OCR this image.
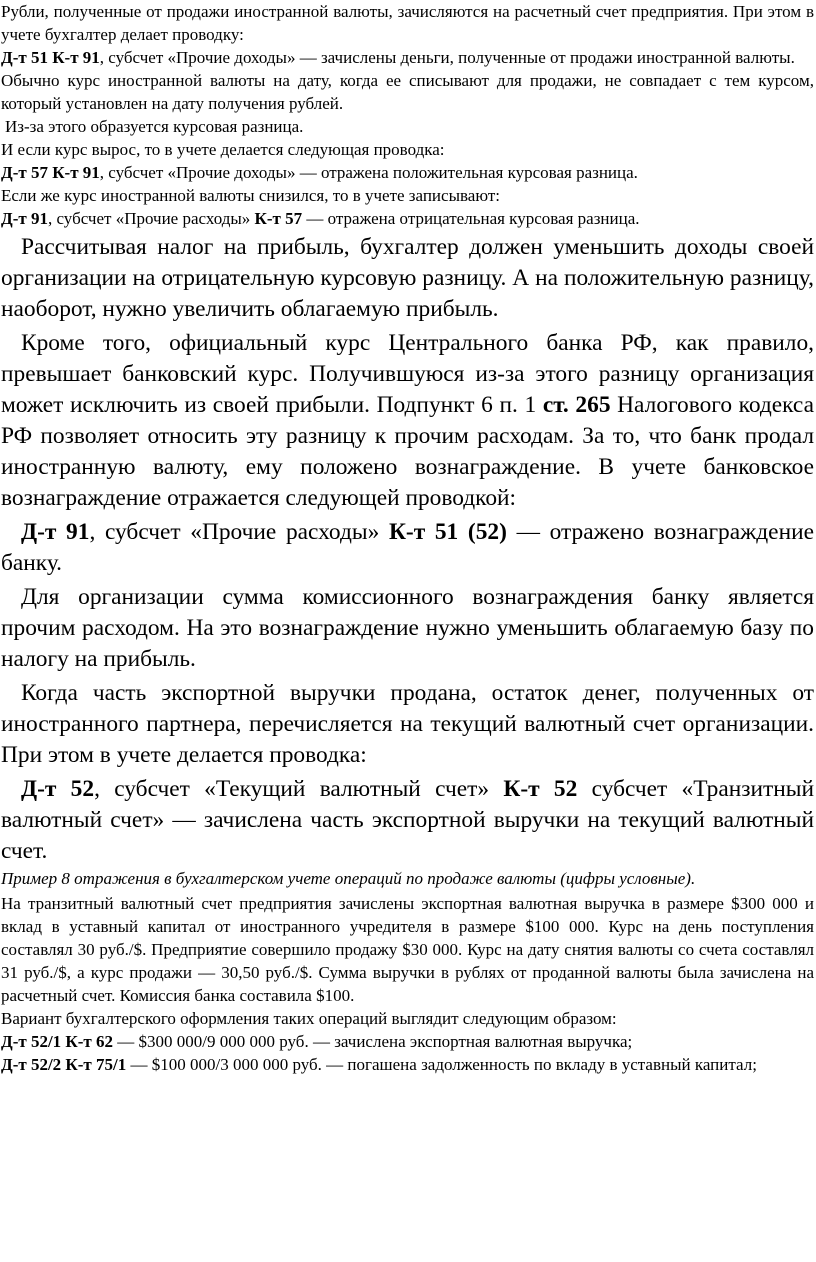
Рубли, полученные от продажи иностранной валюты, зачисляются на расчетный счет предприятия. При этом в учете бухгалтер делает проводку:

Д-т 51 К-т 91, субсчет «Прочие доходы» — зачислены деньги, полученные от продажи иностранной валюты.

Обычно курс иностранной валюты на дату, когда ее списывают для продажи, не совпадает с тем курсом, который установлен на дату получения рублей.

Из-за этого образуется курсовая разница.

И если курс вырос, то в учете делается следующая проводка:

Д-т 57 К-т 91, субсчет «Прочие доходы» — отражена положительная курсовая разница.

Если же курс иностранной валюты снизился, то в учете записывают:

Д-т 91, субсчет «Прочие расходы» К-т 57 — отражена отрицательная курсовая разница.

Рассчитывая налог на прибыль, бухгалтер должен уменьшить доходы своей организации на отрицательную курсовую разницу. А на положительную разницу, наоборот, нужно увеличить облагаемую прибыль.

Кроме того, официальный курс Центрального банка РФ, как правило, превышает банковский курс. Получившуюся из-за этого разницу организация может исключить из своей прибыли. Подпункт 6 п. 1 ст. 265 Налогового кодекса РФ позволяет относить эту разницу к прочим расходам. За то, что банк продал иностранную валюту, ему положено вознаграждение. В учете банковское вознаграждение отражается следующей проводкой:

Д-т 91, субсчет «Прочие расходы» К-т 51 (52) — отражено вознаграждение банку.

Для организации сумма комиссионного вознаграждения банку является прочим расходом. На это вознаграждение нужно уменьшить облагаемую базу по налогу на прибыль.

Когда часть экспортной выручки продана, остаток денег, полученных от иностранного партнера, перечисляется на текущий валютный счет организации. При этом в учете делается проводка:

Д-т 52, субсчет «Текущий валютный счет» К-т 52 субсчет «Транзитный валютный счет» — зачислена часть экспортной выручки на текущий валютный счет.

Пример 8 отражения в бухгалтерском учете операций по продаже валюты (цифры условные).

На транзитный валютный счет предприятия зачислены экспортная валютная выручка в размере $300 000 и вклад в уставный капитал от иностранного учредителя в размере $100 000. Курс на день поступления составлял 30 руб./$. Предприятие совершило продажу $30 000. Курс на дату снятия валюты со счета составлял 31 руб./$, а курс продажи — 30,50 руб./$. Сумма выручки в рублях от проданной валюты была зачислена на расчетный счет. Комиссия банка составила $100.

Вариант бухгалтерского оформления таких операций выглядит следующим образом:

Д-т 52/1 К-т 62 — $300 000/9 000 000 руб. — зачислена экспортная валютная выручка;

Д-т 52/2 К-т 75/1 — $100 000/3 000 000 руб. — погашена задолженность по вкладу в уставный капитал;
